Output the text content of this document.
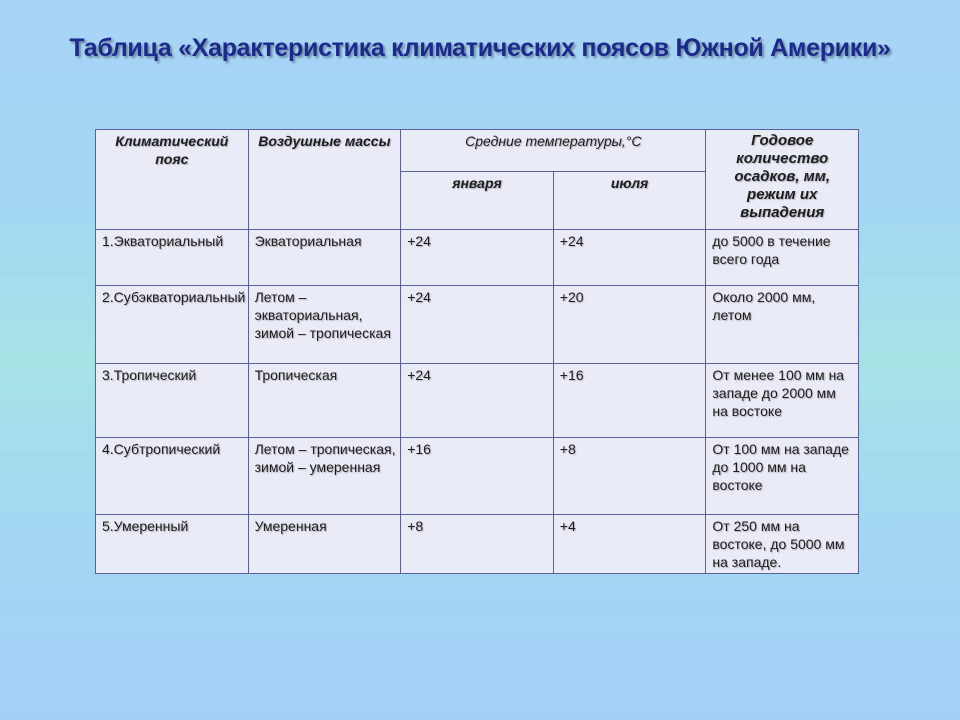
Таблица «Характеристика климатических поясов Южной Америки»
Климатический пояс	Воздушные массы	Средние температуры,°С		Годовое количество осадков, мм, режим их выпадения
		января	июля	
1.Экваториальный	Экваториальная	+24	+24	до 5000 в течение всего года
2.Субэкваториальный	Летом – экваториальная, зимой – тропическая	+24	+20	Около 2000 мм, летом
3.Тропический	Тропическая	+24	+16	От менее 100 мм на западе до 2000 мм на востоке
4.Субтропический	Летом – тропическая, зимой – умеренная	+16	+8	От 100 мм на западе до 1000 мм на востоке
5.Умеренный	Умеренная	+8	+4	От 250 мм на востоке, до 5000 мм на западе.
